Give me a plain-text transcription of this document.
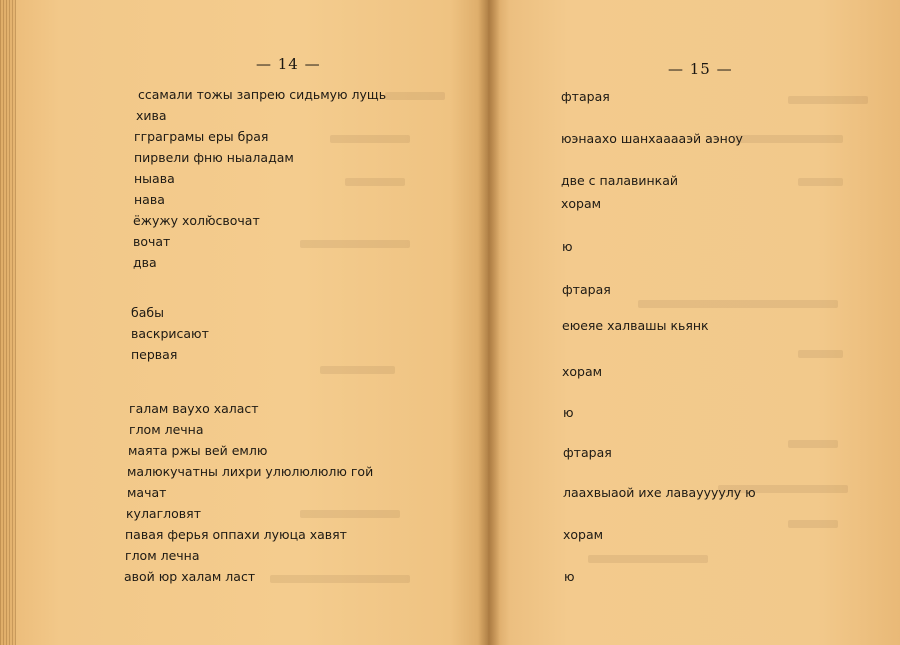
— 14 —
ссамали тожы запрею сидьмую лущь
хива
гграграмы еры брая
пирвели фню ныаладам
ныава
нава
ёжужу холю̆свочат
вочат
два
бабы
васкрисают
первая
галам ваухо халаст
глом лечна
маята ржы вей емлю
малюкучатны лихри улюлюлюлю гой
мачат
кулагловят
павая ферья оппахи луюца хавят
глом лечна
авой юр халам ласт
— 15 —
фтарая
юэнаахо шанхааааэй аэноу
две с палавинкай
хорам
ю
фтарая
еюеяе халвашы кьянк
хорам
ю
фтарая
лаахвыаой ихе лавауууулу ю
хорам
ю
